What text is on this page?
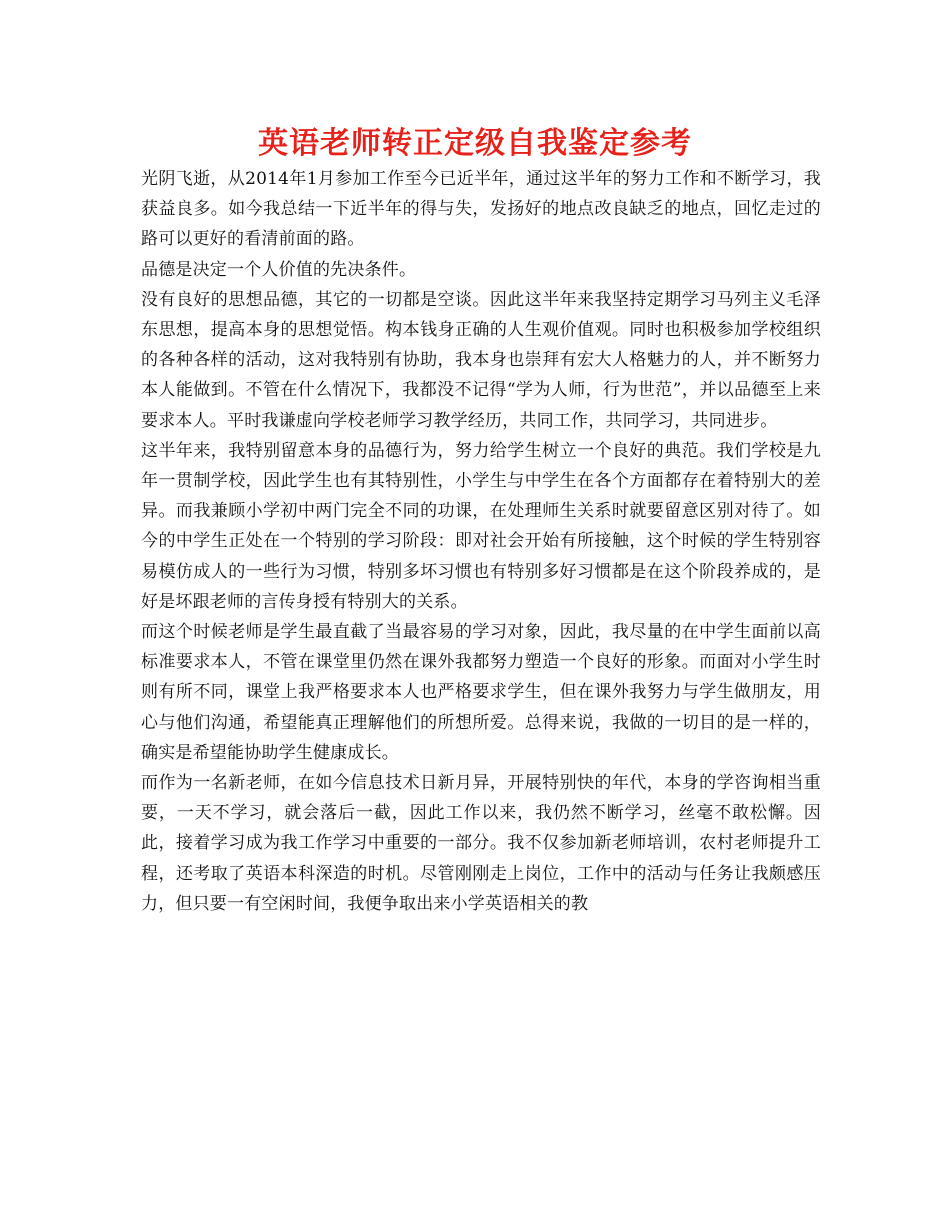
英语老师转正定级自我鉴定参考

光阴飞逝，从2014年1月参加工作至今已近半年，通过这半年的努力工作和不断学习，我获益良多。如今我总结一下近半年的得与失，发扬好的地点改良缺乏的地点，回忆走过的路可以更好的看清前面的路。

品德是决定一个人价值的先决条件。

没有良好的思想品德，其它的一切都是空谈。因此这半年来我坚持定期学习马列主义毛泽东思想，提高本身的思想觉悟。构本钱身正确的人生观价值观。同时也积极参加学校组织的各种各样的活动，这对我特别有协助，我本身也崇拜有宏大人格魅力的人，并不断努力本人能做到。不管在什么情况下，我都没不记得“学为人师，行为世范”，并以品德至上来要求本人。平时我谦虚向学校老师学习教学经历，共同工作，共同学习，共同进步。

这半年来，我特别留意本身的品德行为，努力给学生树立一个良好的典范。我们学校是九年一贯制学校，因此学生也有其特别性，小学生与中学生在各个方面都存在着特别大的差异。而我兼顾小学初中两门完全不同的功课，在处理师生关系时就要留意区别对待了。如今的中学生正处在一个特别的学习阶段：即对社会开始有所接触，这个时候的学生特别容易模仿成人的一些行为习惯，特别多坏习惯也有特别多好习惯都是在这个阶段养成的，是好是坏跟老师的言传身授有特别大的关系。

而这个时候老师是学生最直截了当最容易的学习对象，因此，我尽量的在中学生面前以高标准要求本人，不管在课堂里仍然在课外我都努力塑造一个良好的形象。而面对小学生时则有所不同，课堂上我严格要求本人也严格要求学生，但在课外我努力与学生做朋友，用心与他们沟通，希望能真正理解他们的所想所爱。总得来说，我做的一切目的是一样的，确实是希望能协助学生健康成长。

而作为一名新老师，在如今信息技术日新月异，开展特别快的年代，本身的学咨询相当重要，一天不学习，就会落后一截，因此工作以来，我仍然不断学习，丝毫不敢松懈。因此，接着学习成为我工作学习中重要的一部分。我不仅参加新老师培训，农村老师提升工程，还考取了英语本科深造的时机。尽管刚刚走上岗位，工作中的活动与任务让我颇感压力，但只要一有空闲时间，我便争取出来小学英语相关的教
